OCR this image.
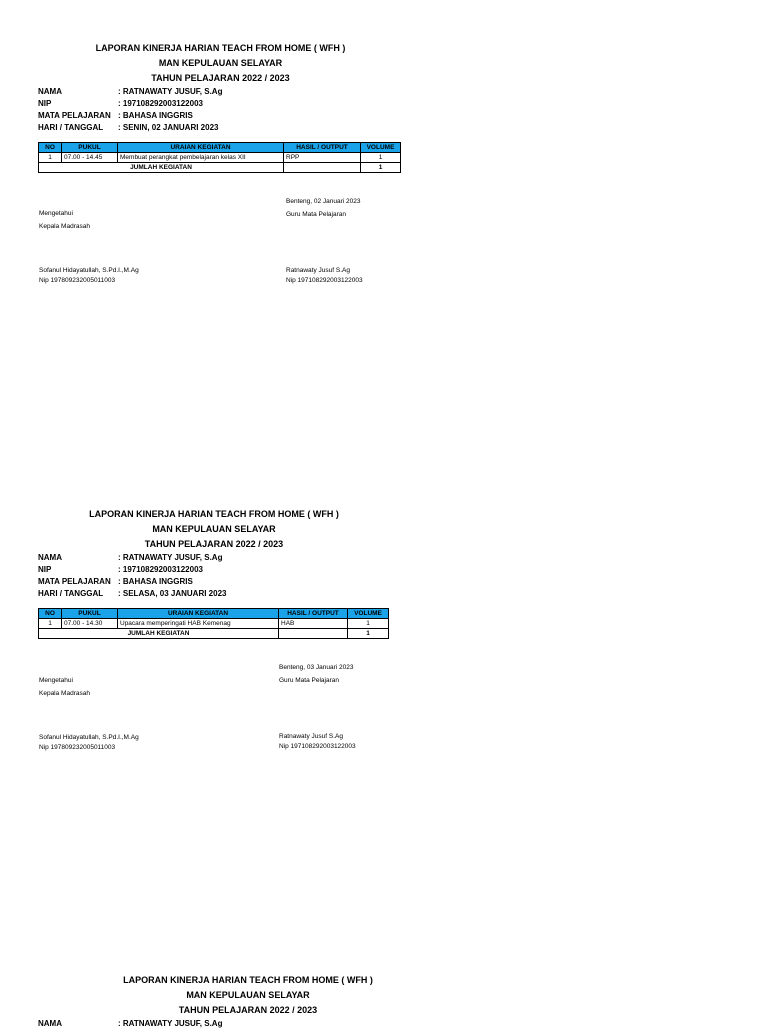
LAPORAN KINERJA HARIAN TEACH FROM HOME ( WFH )
MAN KEPULAUAN SELAYAR
TAHUN PELAJARAN 2022 / 2023
NAMA	: RATNAWATY JUSUF, S.Ag
NIP	: 197108292003122003
MATA PELAJARAN : BAHASA INGGRIS
HARI / TANGGAL	: SENIN, 02 JANUARI 2023
NO	PUKUL	URAIAN KEGIATAN	HASIL / OUTPUT	VOLUME
1	07.00 - 14.45	Membuat perangkat pembelajaran kelas XII	RPP	1
JUMLAH KEGIATAN				1
Mengetahui
Kepala Madrasah
Sofanul Hidayatullah, S.Pd.I.,M.Ag
Nip 197809232005011003
Benteng, 02 Januari 2023
Guru Mata Pelajaran
Ratnawaty Jusuf S.Ag
Nip 197108292003122003
LAPORAN KINERJA HARIAN TEACH FROM HOME ( WFH )
MAN KEPULAUAN SELAYAR
TAHUN PELAJARAN 2022 / 2023
NAMA	: RATNAWATY JUSUF, S.Ag
NIP	: 197108292003122003
MATA PELAJARAN : BAHASA INGGRIS
HARI / TANGGAL	: SELASA, 03 JANUARI 2023
NO	PUKUL	URAIAN KEGIATAN	HASIL / OUTPUT	VOLUME
1	07.00 - 14.30	Upacara memperingati HAB Kemenag	HAB	1
JUMLAH KEGIATAN				1
Mengetahui
Kepala Madrasah
Sofanul Hidayatullah, S.Pd.I.,M.Ag
Nip 197809232005011003
Benteng, 03 Januari 2023
Guru Mata Pelajaran
Ratnawaty Jusuf S.Ag
Nip 197108292003122003
LAPORAN KINERJA HARIAN TEACH FROM HOME ( WFH )
MAN KEPULAUAN SELAYAR
TAHUN PELAJARAN 2022 / 2023
NAMA	: RATNAWATY JUSUF, S.Ag
